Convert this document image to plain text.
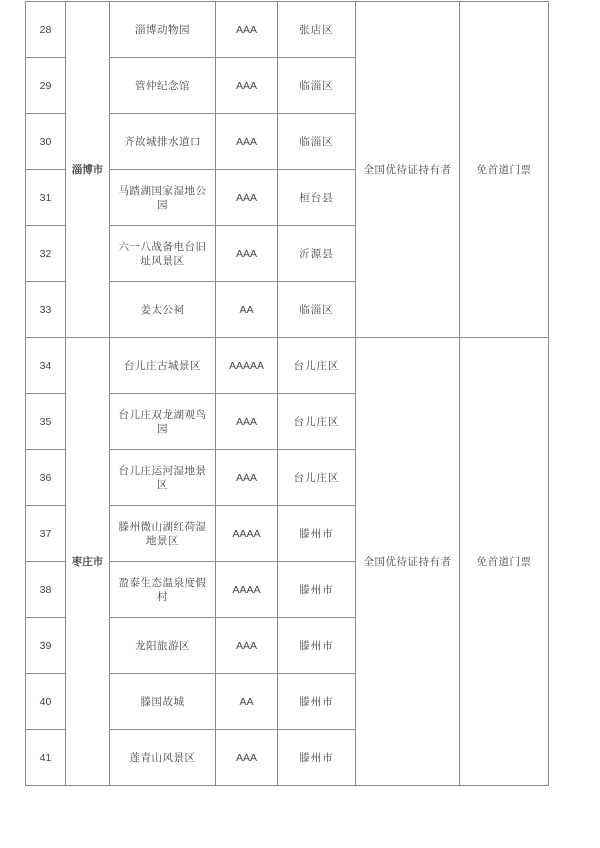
28	淄博市	淄博动物园	AAA	张店区	全国优待证持有者	免首道门票
29		管仲纪念馆	AAA	临淄区		
30		齐故城排水道口	AAA	临淄区		
31		马踏湖国家湿地公园	AAA	桓台县		
32		六一八战备电台旧址风景区	AAA	沂源县		
33		姜太公祠	AA	临淄区		
34	枣庄市	台儿庄古城景区	AAAAA	台儿庄区	全国优待证持有者	免首道门票
35		台儿庄双龙湖观鸟园	AAA	台儿庄区		
36		台儿庄运河湿地景区	AAA	台儿庄区		
37		滕州微山湖红荷湿地景区	AAAA	滕州市		
38		盈泰生态温泉度假村	AAAA	滕州市		
39		龙阳旅游区	AAA	滕州市		
40		滕国故城	AA	滕州市		
41		莲青山风景区	AAA	滕州市		
